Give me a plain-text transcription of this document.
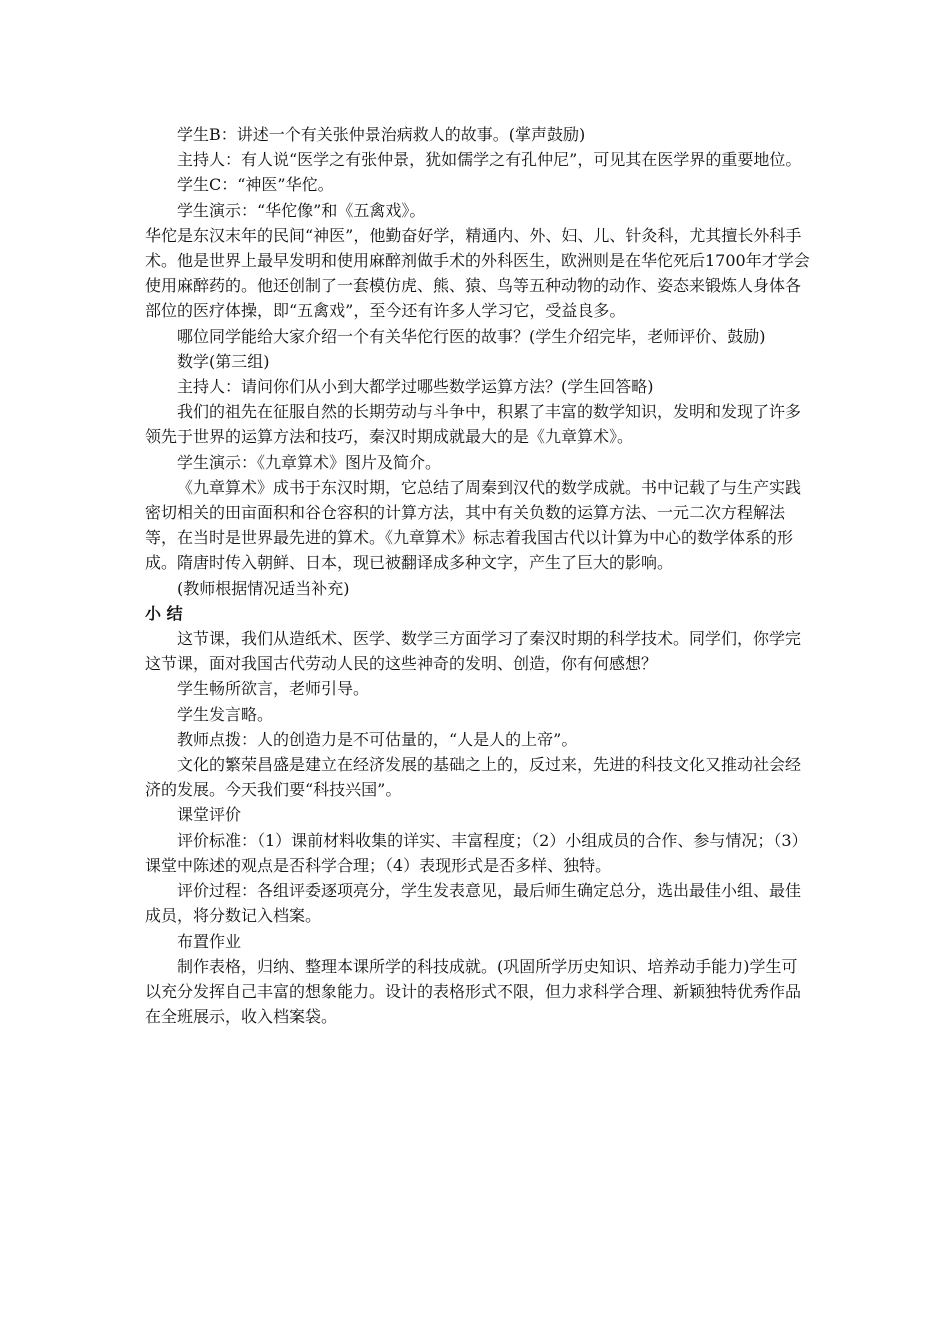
学生B：讲述一个有关张仲景治病救人的故事。(掌声鼓励)

主持人：有人说“医学之有张仲景，犹如儒学之有孔仲尼”，可见其在医学界的重要地位。

学生C：“神医”华佗。

学生演示：“华佗像”和《五禽戏》。

华佗是东汉末年的民间“神医”，他勤奋好学，精通内、外、妇、儿、针灸科，尤其擅长外科手术。他是世界上最早发明和使用麻醉剂做手术的外科医生，欧洲则是在华佗死后1700年才学会使用麻醉药的。他还创制了一套模仿虎、熊、猿、鸟等五种动物的动作、姿态来锻炼人身体各部位的医疗体操，即“五禽戏”，至今还有许多人学习它，受益良多。

哪位同学能给大家介绍一个有关华佗行医的故事？(学生介绍完毕，老师评价、鼓励)

数学(第三组)

主持人：请问你们从小到大都学过哪些数学运算方法？(学生回答略)

我们的祖先在征服自然的长期劳动与斗争中，积累了丰富的数学知识，发明和发现了许多领先于世界的运算方法和技巧，秦汉时期成就最大的是《九章算术》。

学生演示：《九章算术》图片及简介。

《九章算术》成书于东汉时期，它总结了周秦到汉代的数学成就。书中记载了与生产实践密切相关的田亩面积和谷仓容积的计算方法，其中有关负数的运算方法、一元二次方程解法等，在当时是世界最先进的算术。《九章算术》标志着我国古代以计算为中心的数学体系的形成。隋唐时传入朝鲜、日本，现已被翻译成多种文字，产生了巨大的影响。

(教师根据情况适当补充)

小结

这节课，我们从造纸术、医学、数学三方面学习了秦汉时期的科学技术。同学们，你学完这节课，面对我国古代劳动人民的这些神奇的发明、创造，你有何感想？

学生畅所欲言，老师引导。

学生发言略。

教师点拨：人的创造力是不可估量的，“人是人的上帝”。

文化的繁荣昌盛是建立在经济发展的基础之上的，反过来，先进的科技文化又推动社会经济的发展。今天我们要“科技兴国”。

课堂评价

评价标准：（1）课前材料收集的详实、丰富程度；（2）小组成员的合作、参与情况；（3）课堂中陈述的观点是否科学合理；（4）表现形式是否多样、独特。

评价过程：各组评委逐项亮分，学生发表意见，最后师生确定总分，选出最佳小组、最佳成员，将分数记入档案。

布置作业

制作表格，归纳、整理本课所学的科技成就。(巩固所学历史知识、培养动手能力)学生可以充分发挥自己丰富的想象能力。设计的表格形式不限，但力求科学合理、新颖独特优秀作品在全班展示，收入档案袋。
